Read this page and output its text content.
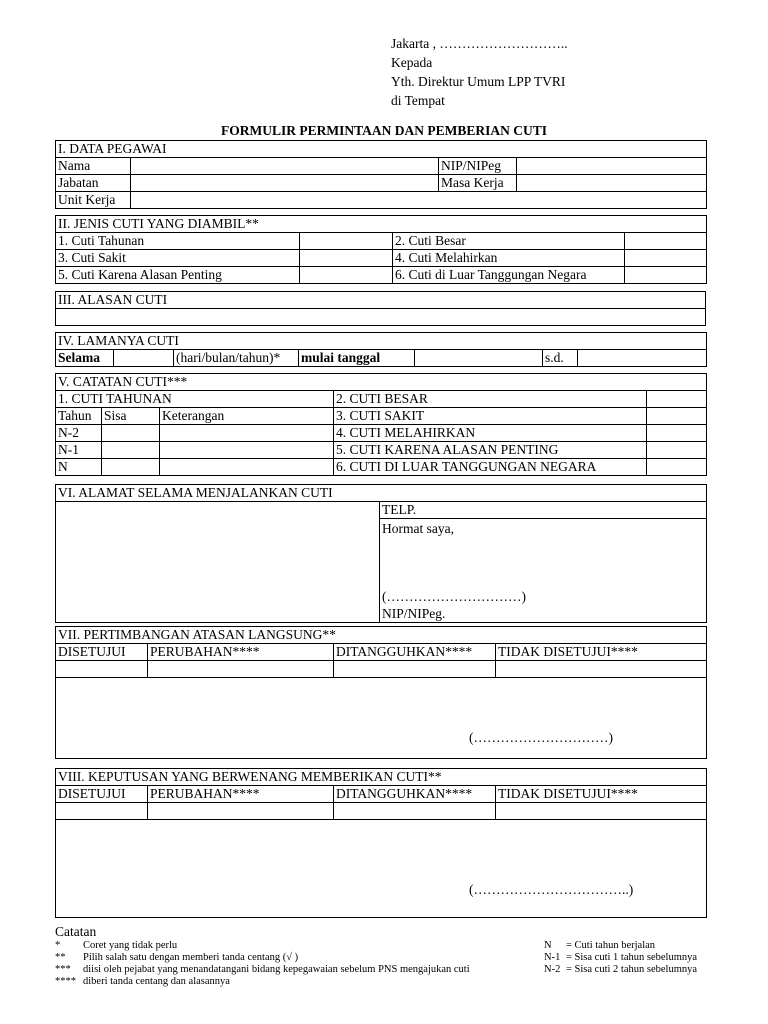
Jakarta , ………………………..
Kepada
Yth. Direktur Umum LPP TVRI
di Tempat
FORMULIR PERMINTAAN DAN PEMBERIAN CUTI
I. DATA PEGAWAI			
Nama		NIP/NIPeg	
Jabatan		Masa Kerja	
Unit Kerja			
II. JENIS CUTI YANG DIAMBIL**			
1. Cuti Tahunan		2. Cuti Besar	
3. Cuti Sakit		4. Cuti Melahirkan	
5. Cuti Karena Alasan Penting		6. Cuti di Luar Tanggungan Negara	
III. ALASAN CUTI

IV. LAMANYA CUTI
Selama		(hari/bulan/tahun)*	mulai tanggal		s.d.	
V. CATATAN CUTI***				
1. CUTI TAHUNAN			2. CUTI BESAR	
Tahun	Sisa	Keterangan	3. CUTI SAKIT	
N-2			4. CUTI MELAHIRKAN	
N-1			5. CUTI KARENA ALASAN PENTING	
N			6. CUTI DI LUAR TANGGUNGAN NEGARA	
VI. ALAMAT SELAMA MENJALANKAN CUTI
	TELP.

Hormat saya,
(…………………………)
NIP/NIPeg.
VII. PERTIMBANGAN ATASAN LANGSUNG**			
DISETUJUI	PERUBAHAN****	DITANGGUHKAN****	TIDAK DISETUJUI****

(…………………………)			
VIII. KEPUTUSAN YANG BERWENANG MEMBERIKAN CUTI**			
DISETUJUI	PERUBAHAN****	DITANGGUHKAN****	TIDAK DISETUJUI****

(……………………………..)			
Catatan
* Coret yang tidak perlu
** Pilih salah satu dengan memberi tanda centang (√ )
*** diisi oleh pejabat yang menandatangani bidang kepegawaian sebelum PNS mengajukan cuti
**** diberi tanda centang dan alasannya
N = Cuti tahun berjalan
N-1 = Sisa cuti 1 tahun sebelumnya
N-2 = Sisa cuti 2 tahun sebelumnya
